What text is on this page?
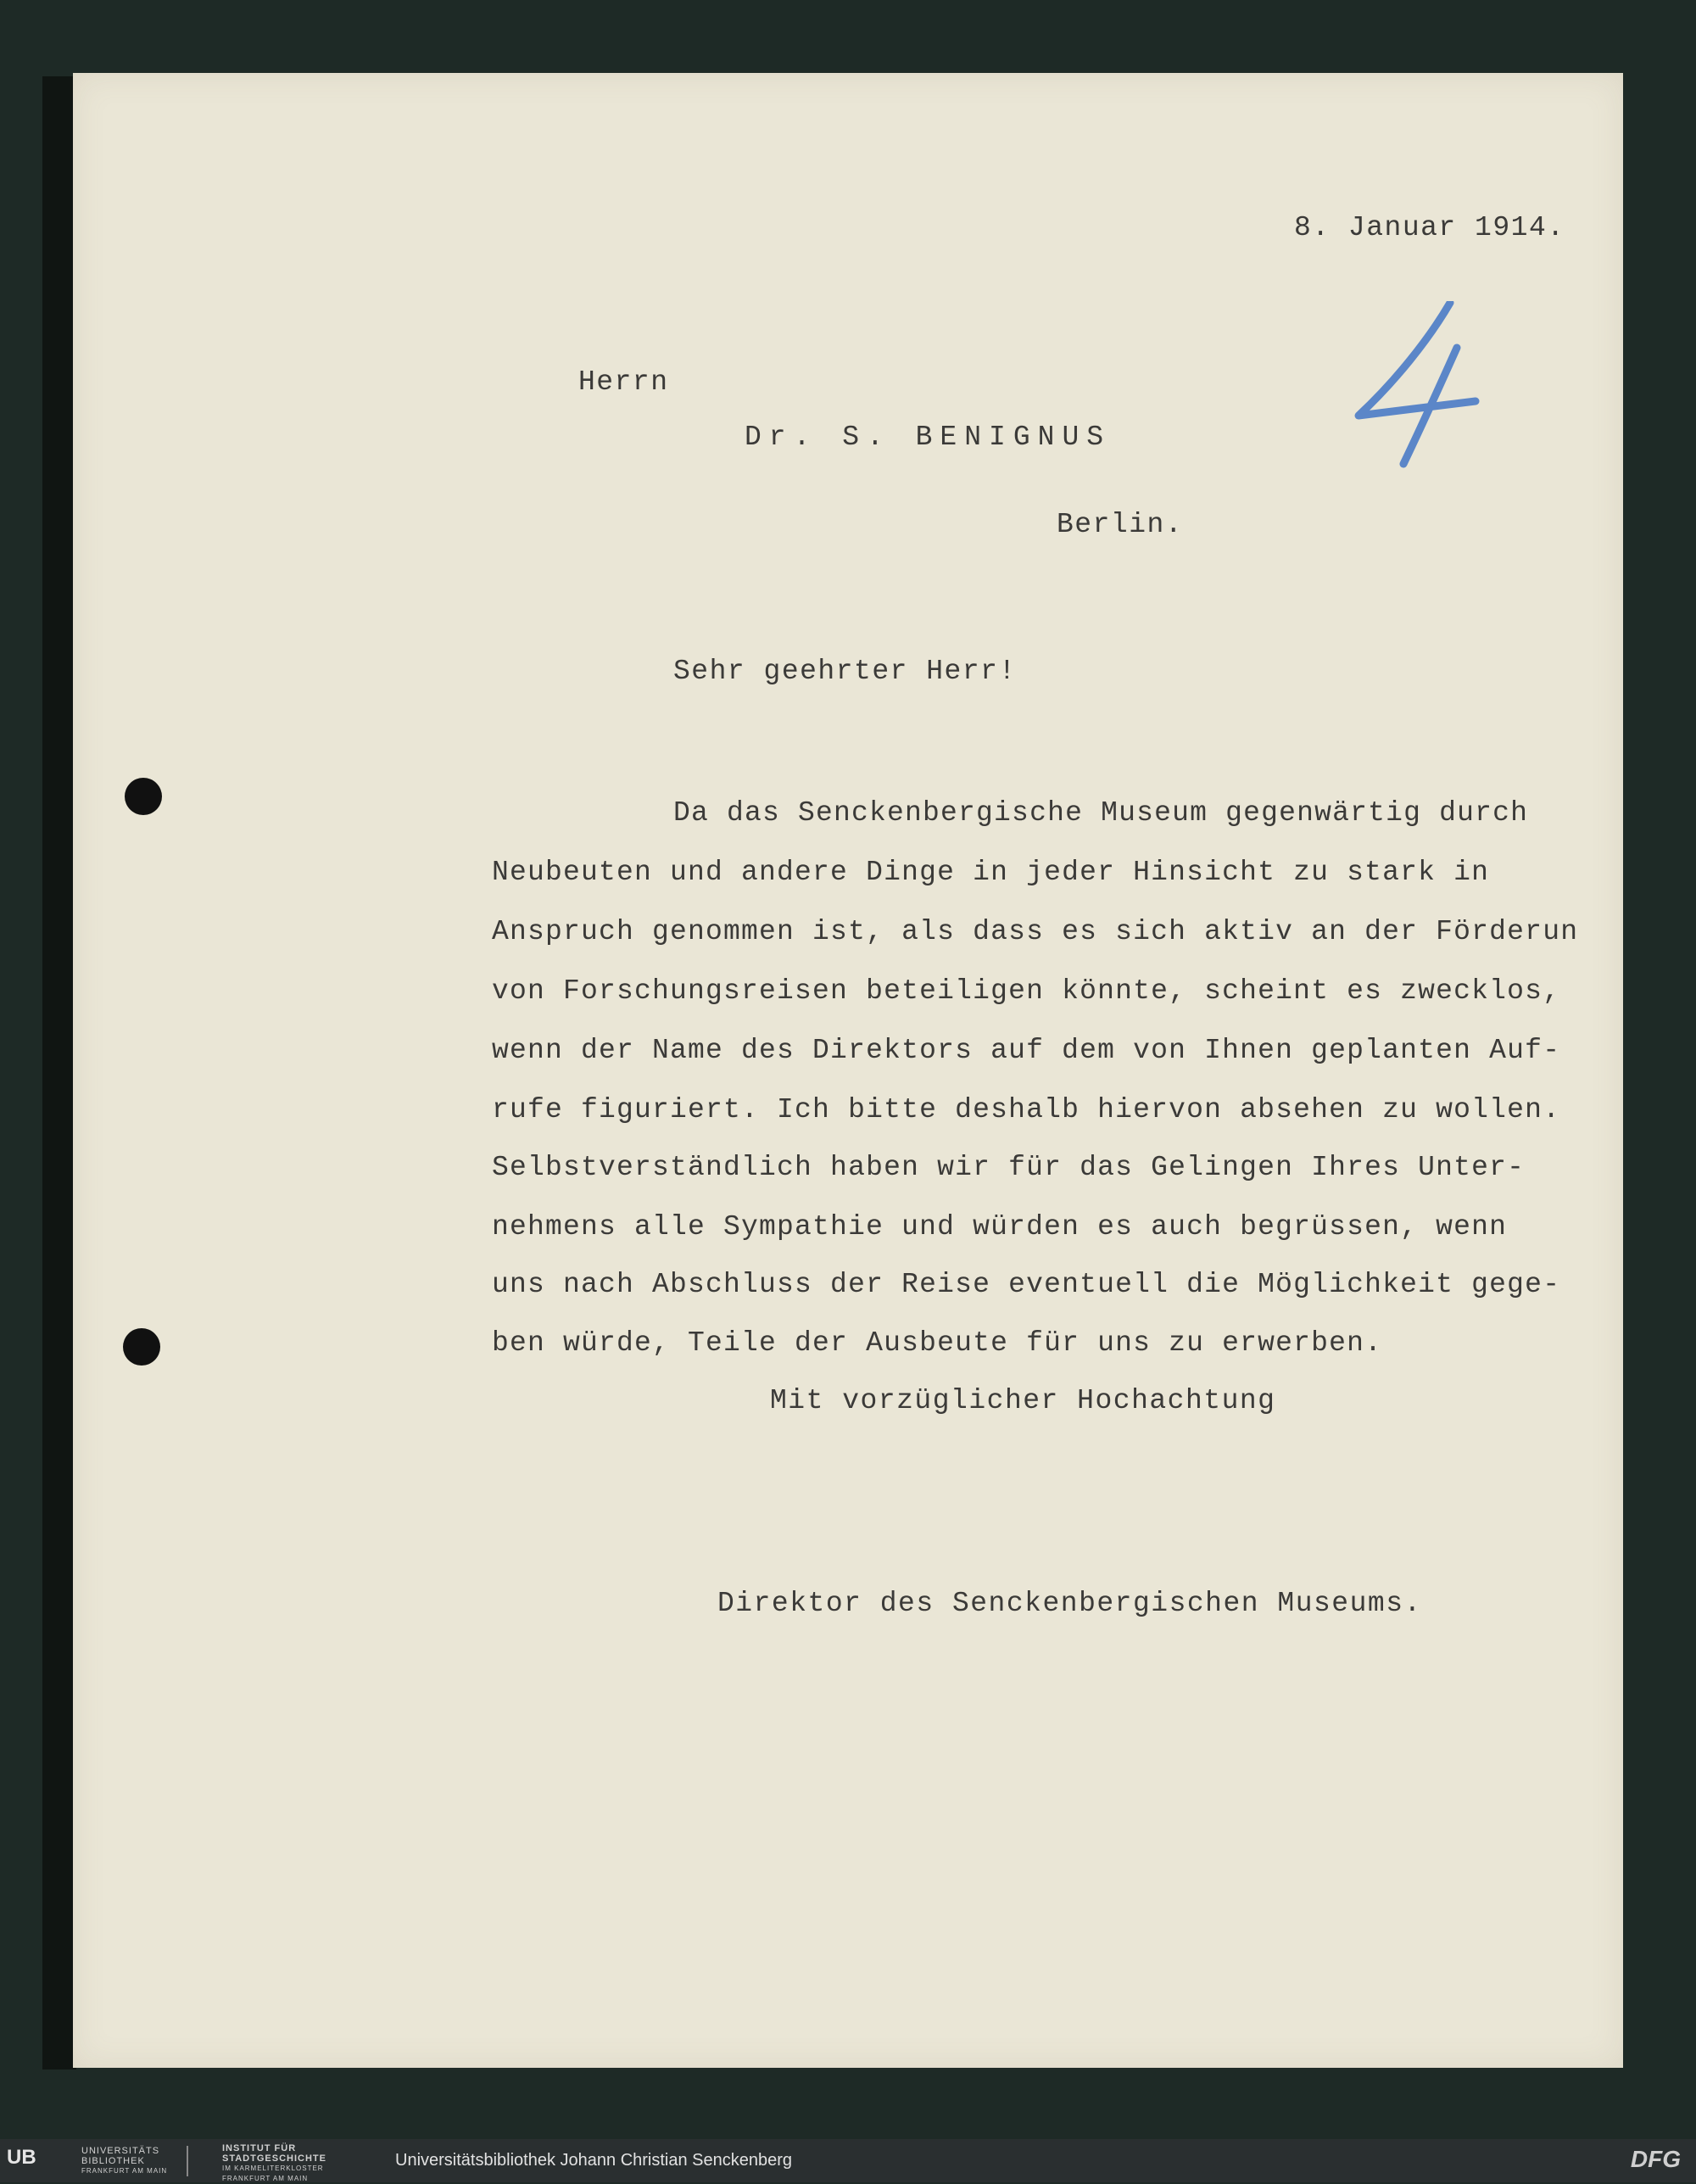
8. Januar 1914.
Herrn
Dr. S. BENIGNUS
Berlin.
Sehr geehrter Herr!
Da das Senckenbergische Museum gegenwärtig durch
Neubeuten und andere Dinge in jeder Hinsicht zu stark in
Anspruch genommen ist, als dass es sich aktiv an der Förderun
von Forschungsreisen beteiligen könnte, scheint es zwecklos,
wenn der Name des Direktors auf dem von Ihnen geplanten Auf-
rufe figuriert. Ich bitte deshalb hiervon absehen zu wollen.
Selbstverständlich haben wir für das Gelingen Ihres Unter-
nehmens alle Sympathie und würden es auch begrüssen, wenn
uns nach Abschluss der Reise eventuell die Möglichkeit gege-
ben würde, Teile der Ausbeute für uns zu erwerben.
Mit vorzüglicher Hochachtung
Direktor des Senckenbergischen Museums.
UB	UNIVERSITÄTS
BIBLIOTHEK
FRANKFURT AM MAIN
INSTITUT FÜR
STADTGESCHICHTE
IM KARMELITERKLOSTER
FRANKFURT AM MAIN
Universitätsbibliothek Johann Christian Senckenberg	DFG
